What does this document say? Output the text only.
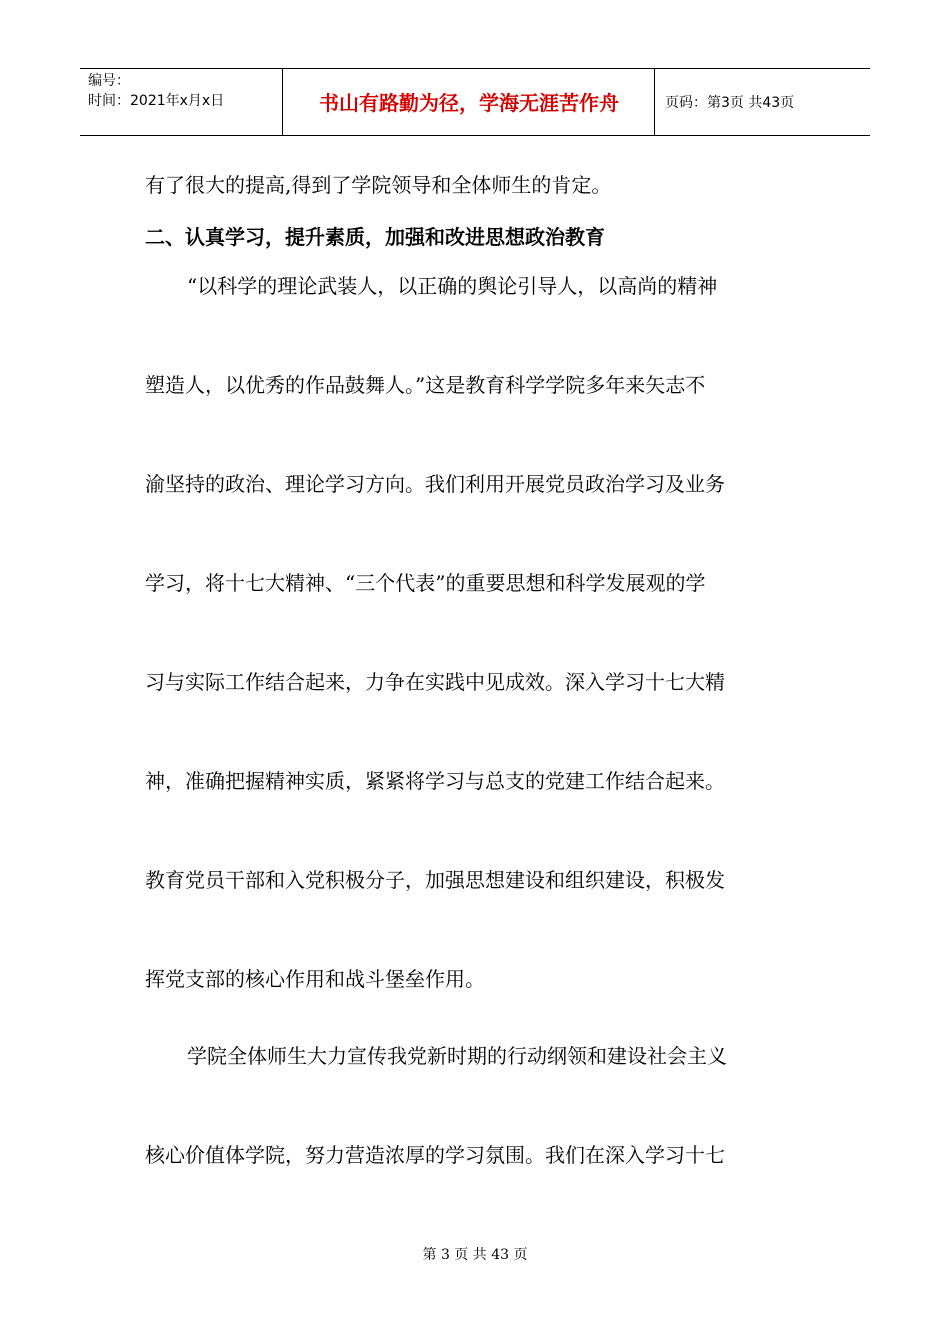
编号：
时间：2021年x月x日	书山有路勤为径，学海无涯苦作舟	页码：第3页 共43页
有了很大的提高,得到了学院领导和全体师生的肯定。
二、认真学习，提升素质，加强和改进思想政治教育
“以科学的理论武装人，以正确的舆论引导人，以高尚的精神
塑造人，以优秀的作品鼓舞人。”这是教育科学学院多年来矢志不
渝坚持的政治、理论学习方向。我们利用开展党员政治学习及业务
学习，将十七大精神、“三个代表”的重要思想和科学发展观的学
习与实际工作结合起来，力争在实践中见成效。深入学习十七大精
神，准确把握精神实质，紧紧将学习与总支的党建工作结合起来。
教育党员干部和入党积极分子，加强思想建设和组织建设，积极发
挥党支部的核心作用和战斗堡垒作用。
学院全体师生大力宣传我党新时期的行动纲领和建设社会主义
核心价值体学院，努力营造浓厚的学习氛围。我们在深入学习十七
第 3 页 共 43 页
